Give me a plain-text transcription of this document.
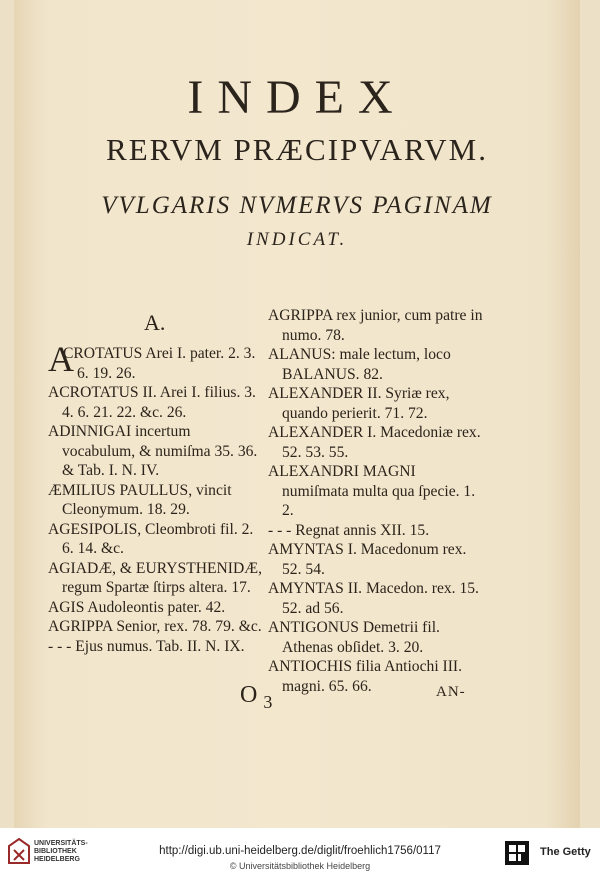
INDEX
RERVM PRÆCIPVARVM.
VVLGARIS NVMERVS PAGINAM
INDICAT.
A.
ACROTATUS Arei I. pater. 2. 3. 6. 19. 26.
ACROTATUS II. Arei I. filius. 3. 4. 6. 21. 22. &c. 26.
ADINNIGAI incertum vocabulum, & numiſma 35. 36. & Tab. I. N. IV.
ÆMILIUS PAULLUS, vincit Cleonymum. 18. 29.
AGESIPOLIS, Cleombroti fil. 2. 6. 14. &c.
AGIADÆ, & EURYSTHENIDÆ, regum Spartæ ſtirps altera. 17.
AGIS Audoleontis pater. 42.
AGRIPPA Senior, rex. 78. 79. &c.
- - - Ejus numus. Tab. II. N. IX.
AGRIPPA rex junior, cum patre in numo. 78.
ALANUS: male lectum, loco BALANUS. 82.
ALEXANDER II. Syriæ rex, quando perierit. 71. 72.
ALEXANDER I. Macedoniæ rex. 52. 53. 55.
ALEXANDRI MAGNI numiſmata multa qua ſpecie. 1. 2.
- - - Regnat annis XII. 15.
AMYNTAS I. Macedonum rex. 52. 54.
AMYNTAS II. Macedon. rex. 15. 52. ad 56.
ANTIGONUS Demetrii fil. Athenas obſidet. 3. 20.
ANTIOCHIS filia Antiochi III. magni. 65. 66.
O $_3$	AN-
UNIVERSITÄTS-
BIBLIOTHEK
HEIDELBERG
http://digi.ub.uni-heidelberg.de/diglit/froehlich1756/0117
© Universitätsbibliothek Heidelberg
The Getty
